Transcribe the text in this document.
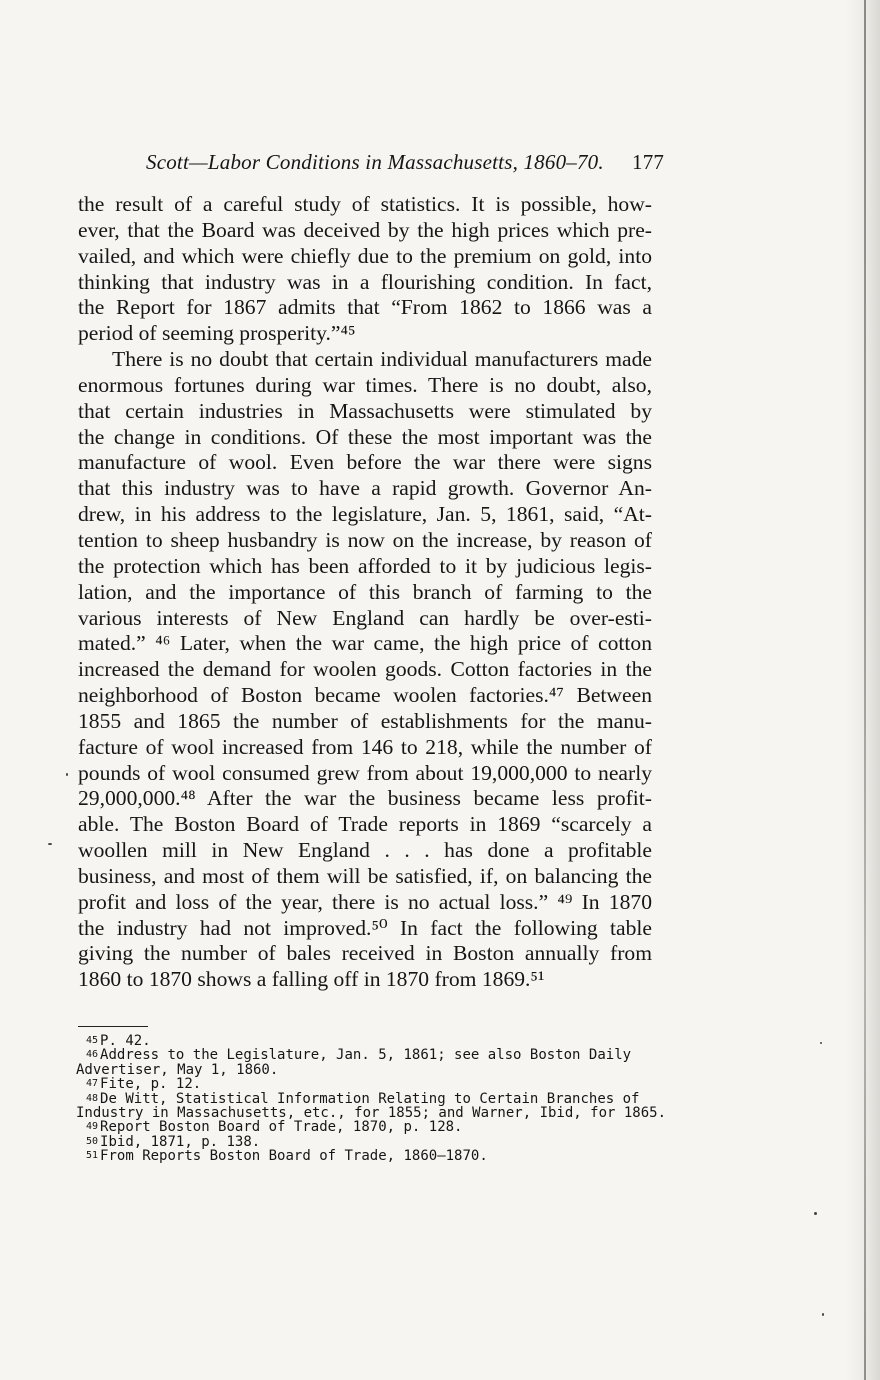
Scott—Labor Conditions in Massachusetts, 1860–70. 177
the result of a careful study of statistics. It is possible, how-
ever, that the Board was deceived by the high prices which pre-
vailed, and which were chiefly due to the premium on gold, into
thinking that industry was in a flourishing condition. In fact,
the Report for 1867 admits that “From 1862 to 1866 was a
period of seeming prosperity.”⁴⁵
There is no doubt that certain individual manufacturers made
enormous fortunes during war times. There is no doubt, also,
that certain industries in Massachusetts were stimulated by
the change in conditions. Of these the most important was the
manufacture of wool. Even before the war there were signs
that this industry was to have a rapid growth. Governor An-
drew, in his address to the legislature, Jan. 5, 1861, said, “At-
tention to sheep husbandry is now on the increase, by reason of
the protection which has been afforded to it by judicious legis-
lation, and the importance of this branch of farming to the
various interests of New England can hardly be over-esti-
mated.” ⁴⁶ Later, when the war came, the high price of cotton
increased the demand for woolen goods. Cotton factories in the
neighborhood of Boston became woolen factories.⁴⁷ Between
1855 and 1865 the number of establishments for the manu-
facture of wool increased from 146 to 218, while the number of
pounds of wool consumed grew from about 19,000,000 to nearly
29,000,000.⁴⁸ After the war the business became less profit-
able. The Boston Board of Trade reports in 1869 “scarcely a
woollen mill in New England . . . has done a profitable
business, and most of them will be satisfied, if, on balancing the
profit and loss of the year, there is no actual loss.” ⁴⁹ In 1870
the industry had not improved.⁵⁰ In fact the following table
giving the number of bales received in Boston annually from
1860 to 1870 shows a falling off in 1870 from 1869.⁵¹
45 P. 42.
46 Address to the Legislature, Jan. 5, 1861; see also Boston Daily
Advertiser, May 1, 1860.
47 Fite, p. 12.
48 De Witt, Statistical Information Relating to Certain Branches of
Industry in Massachusetts, etc., for 1855; and Warner, Ibid, for 1865.
49 Report Boston Board of Trade, 1870, p. 128.
50 Ibid, 1871, p. 138.
51 From Reports Boston Board of Trade, 1860–1870.
